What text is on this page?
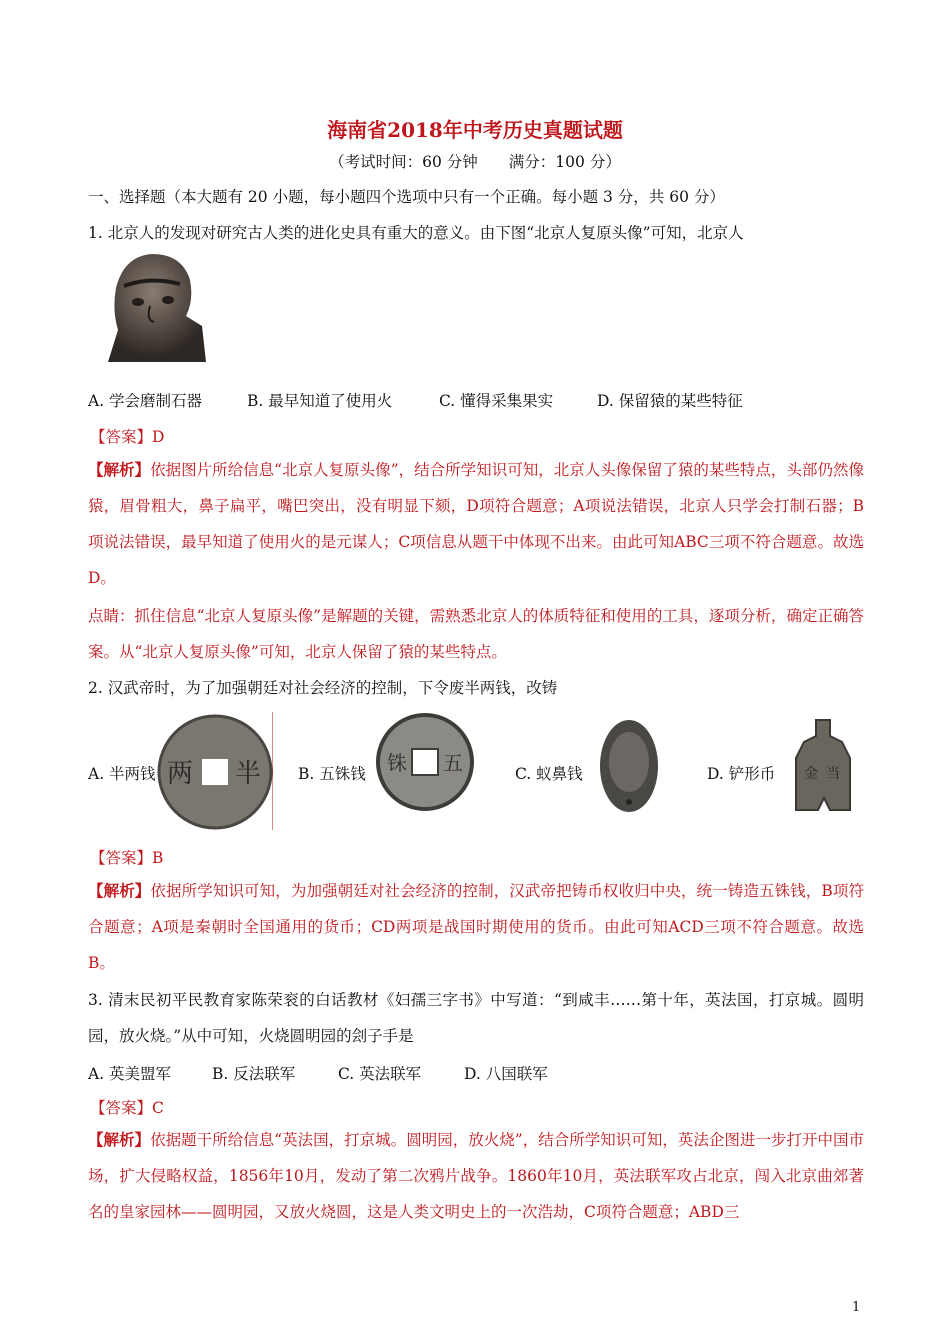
海南省2018年中考历史真题试题
（考试时间：60 分钟　　满分：100 分）
一、选择题（本大题有 20 小题，每小题四个选项中只有一个正确。每小题 3 分，共 60 分）
1. 北京人的发现对研究古人类的进化史具有重大的意义。由下图“北京人复原头像”可知，北京人
A. 学会磨制石器	B. 最早知道了使用火	C. 懂得采集果实	D. 保留猿的某些特征
【答案】D
【解析】依据图片所给信息“北京人复原头像”，结合所学知识可知，北京人头像保留了猿的某些特点，头部仍然像猿，眉骨粗大，鼻子扁平，嘴巴突出，没有明显下颏，D项符合题意；A项说法错误，北京人只学会打制石器；B项说法错误，最早知道了使用火的是元谋人；C项信息从题干中体现不出来。由此可知ABC三项不符合题意。故选D。
点睛：抓住信息“北京人复原头像”是解题的关键，需熟悉北京人的体质特征和使用的工具，逐项分析，确定正确答案。从“北京人复原头像”可知，北京人保留了猿的某些特点。
2. 汉武帝时，为了加强朝廷对社会经济的控制，下令废半两钱，改铸
两 半	铢 五	金 当
A. 半两钱	B. 五铢钱	C. 蚁鼻钱	D. 铲形币
【答案】B
【解析】依据所学知识可知，为加强朝廷对社会经济的控制，汉武帝把铸币权收归中央，统一铸造五铢钱，B项符合题意；A项是秦朝时全国通用的货币；CD两项是战国时期使用的货币。由此可知ACD三项不符合题意。故选B。
3. 清末民初平民教育家陈荣衮的白话教材《妇孺三字书》中写道：“到咸丰……第十年，英法国，打京城。圆明园，放火烧。”从中可知，火烧圆明园的刽子手是
A. 英美盟军	B. 反法联军	C. 英法联军	D. 八国联军
【答案】C
【解析】依据题干所给信息“英法国，打京城。圆明园，放火烧”，结合所学知识可知，英法企图进一步打开中国市场，扩大侵略权益，1856年10月，发动了第二次鸦片战争。1860年10月，英法联军攻占北京，闯入北京曲郊著名的皇家园林——圆明园，又放火烧圆，这是人类文明史上的一次浩劫，C项符合题意；ABD三
1
